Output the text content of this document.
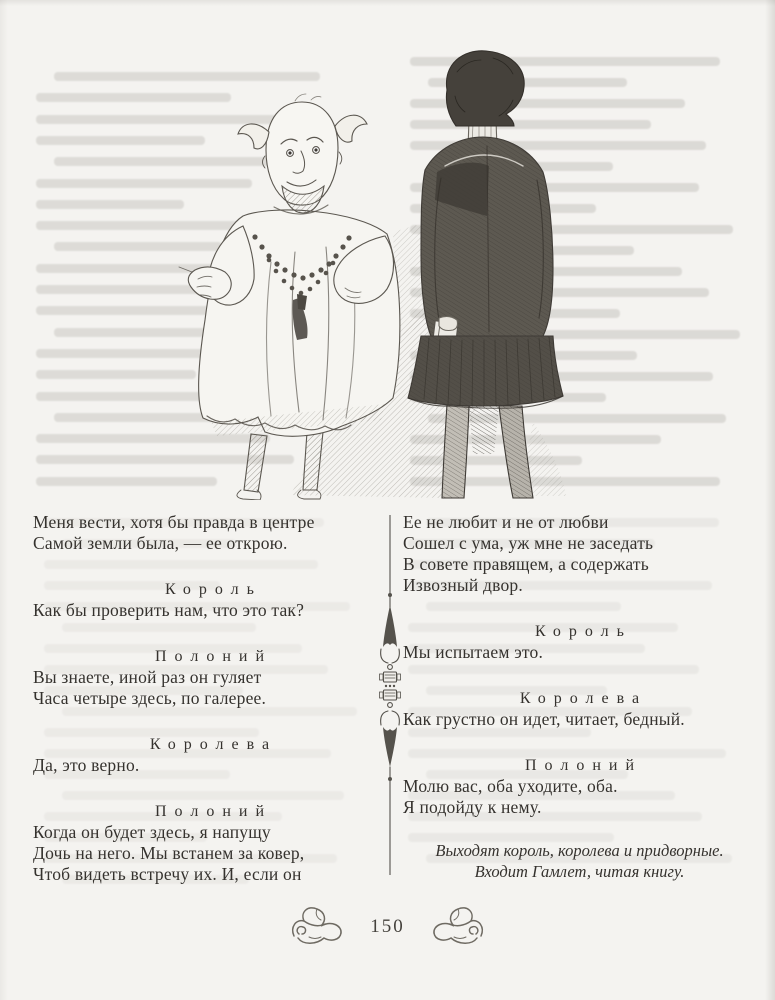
Меня вести, хотя бы правда в центре

Самой земли была, — ее открою.

Король

Как бы проверить нам, что это так?

Полоний

Вы знаете, иной раз он гуляет

Часа четыре здесь, по галерее.

Королева

Да, это верно.

Полоний

Когда он будет здесь, я напущу

Дочь на него. Мы встанем за ковер,

Чтоб видеть встречу их. И, если он

Ее не любит и не от любви

Сошел с ума, уж мне не заседать

В совете правящем, а содержать

Извозный двор.

Король

Мы испытаем это.

Королева

Как грустно он идет, читает, бедный.

Полоний

Молю вас, оба уходите, оба.

Я подойду к нему.

Выходят король, королева и придворные.

Входит Гамлет, читая книгу.

150
